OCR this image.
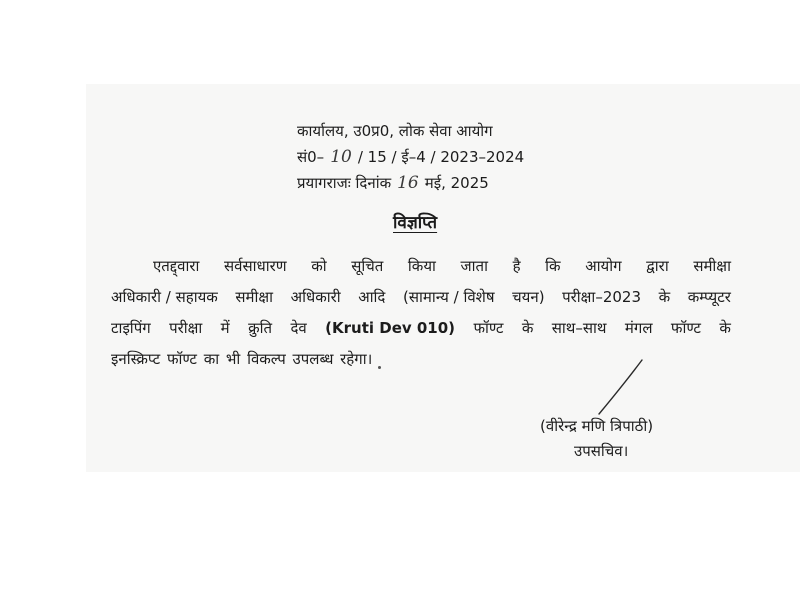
कार्यालय, उ0प्र0, लोक सेवा आयोग
सं0– 10 / 15 / ई–4 / 2023–2024
प्रयागराजः दिनांक 16 मई, 2025
विज्ञप्ति
एतद्द्वारा सर्वसाधारण को सूचित किया जाता है कि आयोग द्वारा समीक्षा
अधिकारी / सहायक समीक्षा अधिकारी आदि (सामान्य / विशेष चयन) परीक्षा–2023 के कम्प्यूटर
टाइपिंग परीक्षा में क्रुति देव (Kruti Dev 010) फॉण्ट के साथ–साथ मंगल फॉण्ट के
इनस्क्रिप्ट फॉण्ट का भी विकल्प उपलब्ध रहेगा।
(वीरेन्द्र मणि त्रिपाठी)
उपसचिव।
